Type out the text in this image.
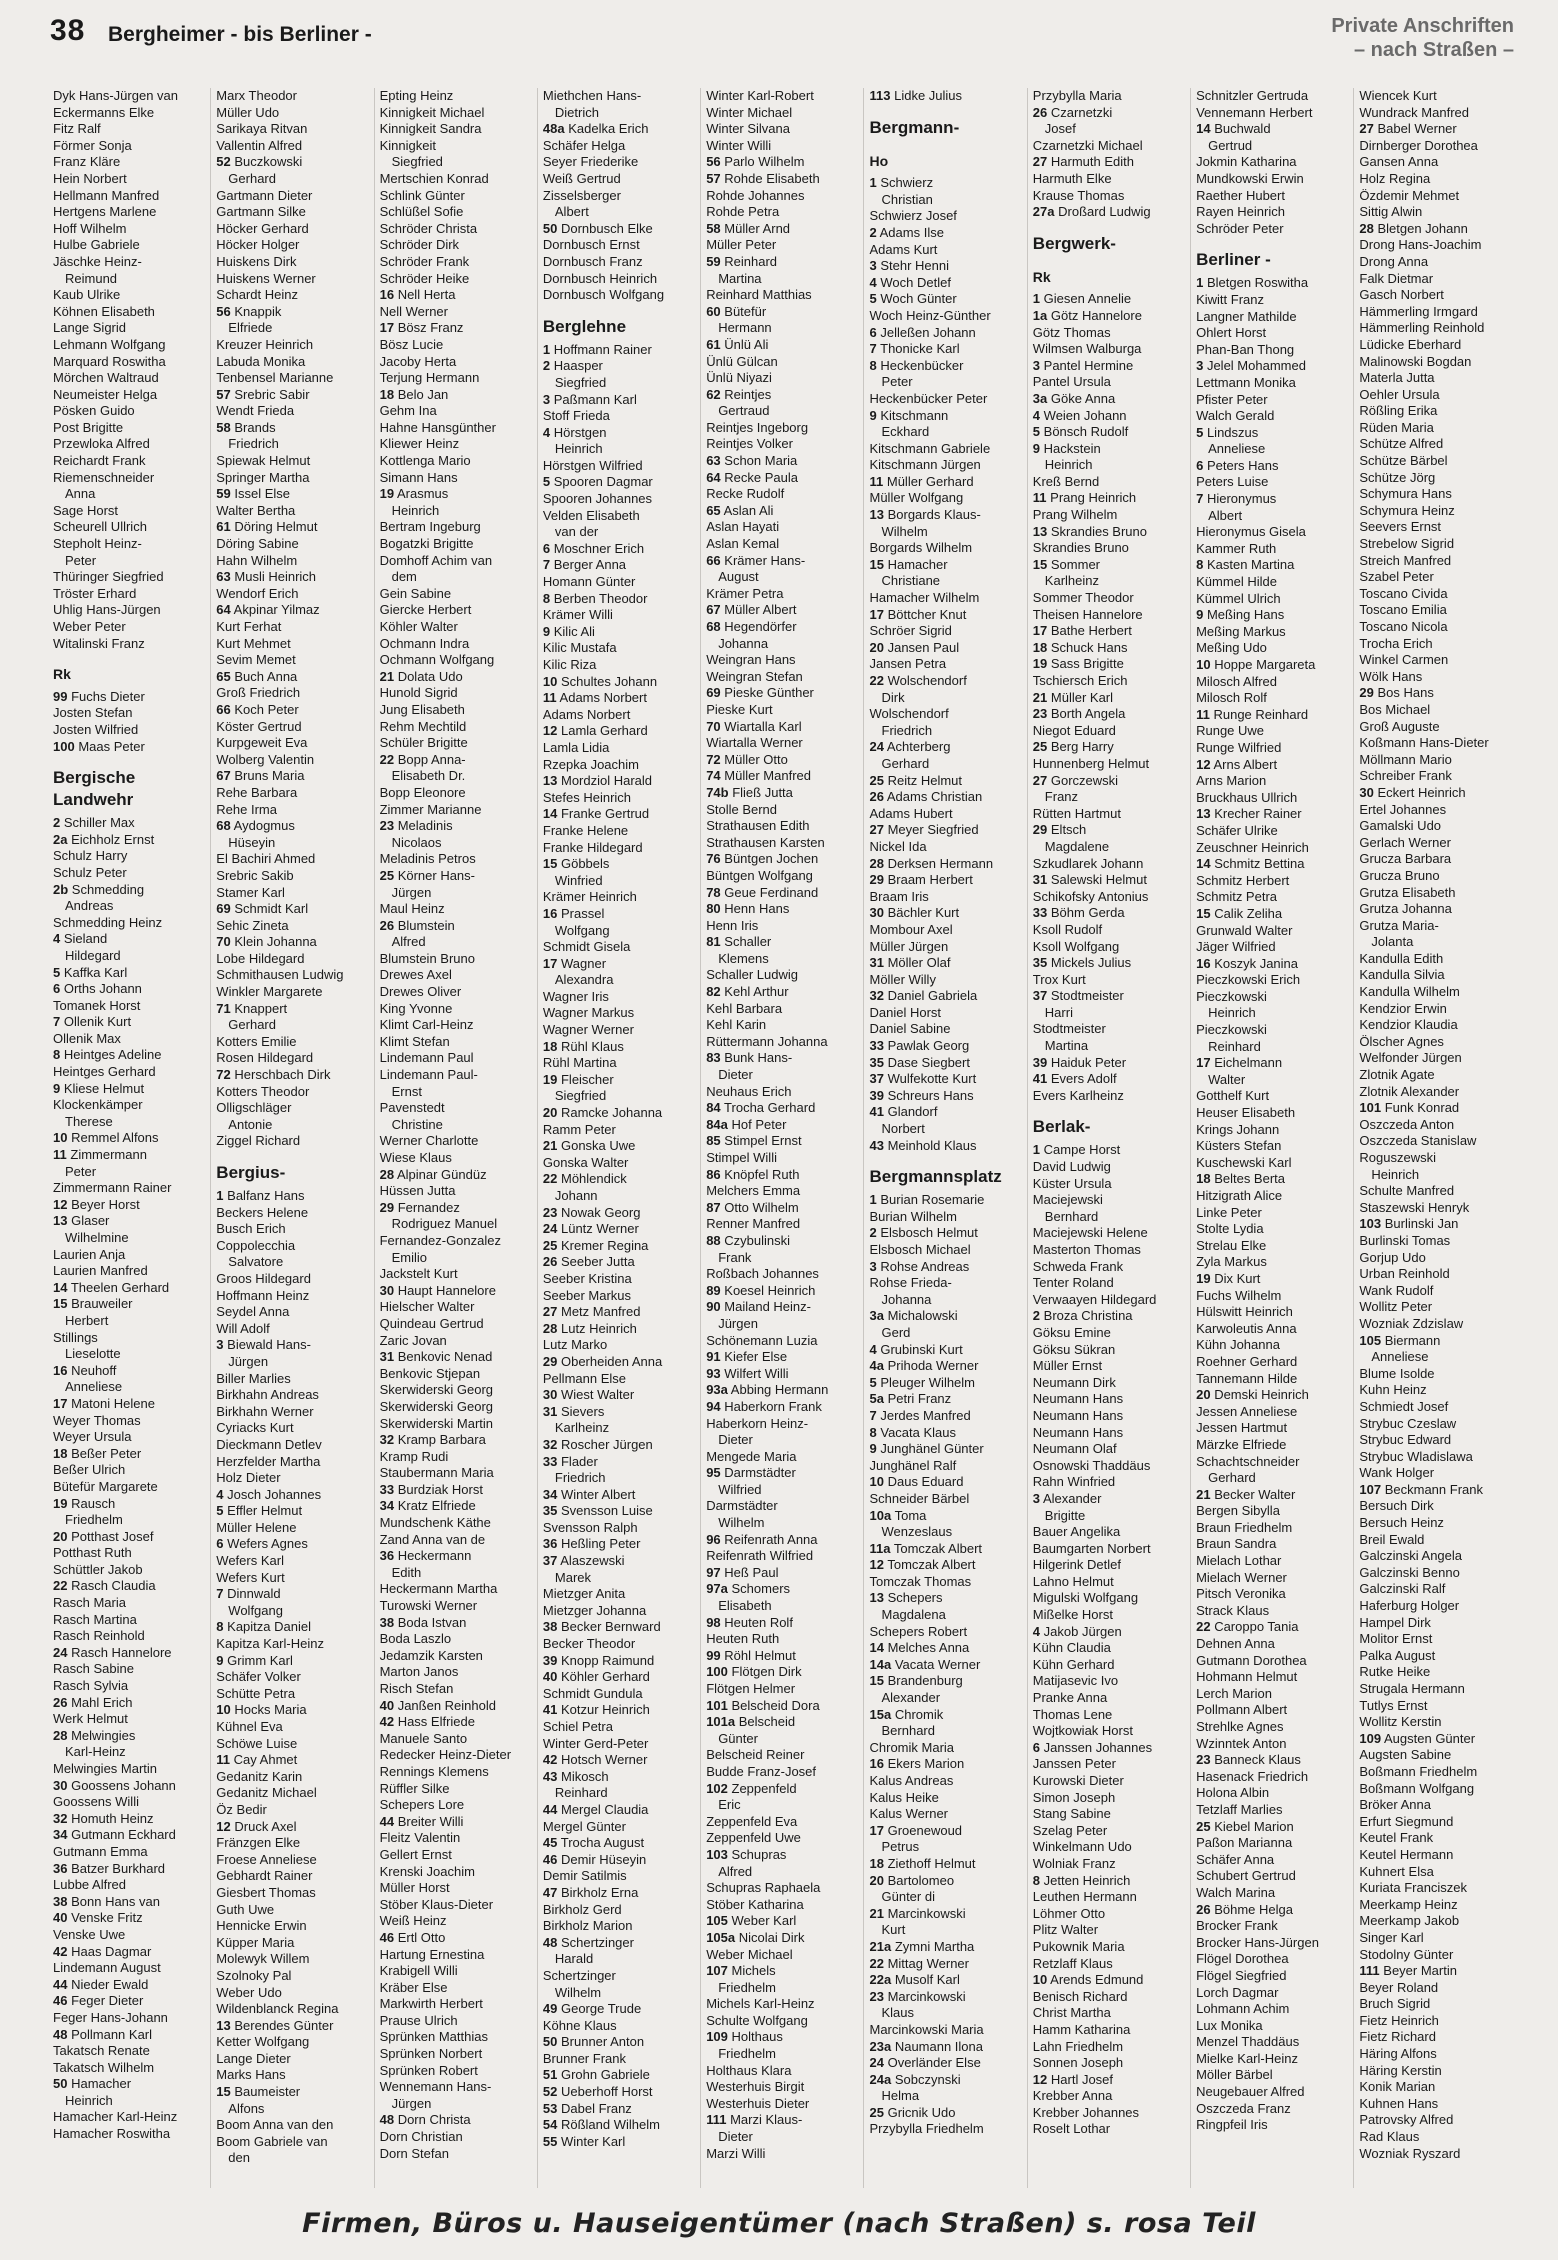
38 Bergheimer - bis Berliner -	Private Anschriften
– nach Straßen –
Dyk Hans-Jürgen van
Eckermanns Elke
Fitz Ralf
Förmer Sonja
Franz Kläre
Hein Norbert
Hellmann Manfred
Hertgens Marlene
Hoff Wilhelm
Hulbe Gabriele
Jäschke Heinz-
Reimund
Kaub Ulrike
Köhnen Elisabeth
Lange Sigrid
Lehmann Wolfgang
Marquard Roswitha
Mörchen Waltraud
Neumeister Helga
Pösken Guido
Post Brigitte
Przewloka Alfred
Reichardt Frank
Riemenschneider
Anna
Sage Horst
Scheurell Ullrich
Stepholt Heinz-
Peter
Thüringer Siegfried
Tröster Erhard
Uhlig Hans-Jürgen
Weber Peter
Witalinski Franz
Rk
99 Fuchs Dieter
Josten Stefan
Josten Wilfried
100 Maas Peter
Bergische Landwehr
2 Schiller Max
2a Eichholz Ernst
Schulz Harry
Schulz Peter
2b Schmedding
Andreas
Schmedding Heinz
4 Sieland
Hildegard
5 Kaffka Karl
6 Orths Johann
Tomanek Horst
7 Ollenik Kurt
Ollenik Max
8 Heintges Adeline
Heintges Gerhard
9 Kliese Helmut
Klockenkämper
Therese
10 Remmel Alfons
11 Zimmermann
Peter
Zimmermann Rainer
12 Beyer Horst
13 Glaser
Wilhelmine
Laurien Anja
Laurien Manfred
14 Theelen Gerhard
15 Brauweiler
Herbert
Stillings
Lieselotte
16 Neuhoff
Anneliese
17 Matoni Helene
Weyer Thomas
Weyer Ursula
18 Beßer Peter
Beßer Ulrich
Bütefür Margarete
19 Rausch
Friedhelm
20 Potthast Josef
Potthast Ruth
Schüttler Jakob
22 Rasch Claudia
Rasch Maria
Rasch Martina
Rasch Reinhold
24 Rasch Hannelore
Rasch Sabine
Rasch Sylvia
26 Mahl Erich
Werk Helmut
28 Melwingies
Karl-Heinz
Melwingies Martin
30 Goossens Johann
Goossens Willi
32 Homuth Heinz
34 Gutmann Eckhard
Gutmann Emma
36 Batzer Burkhard
Lubbe Alfred
38 Bonn Hans van
40 Venske Fritz
Venske Uwe
42 Haas Dagmar
Lindemann August
44 Nieder Ewald
46 Feger Dieter
Feger Hans-Johann
48 Pollmann Karl
Takatsch Renate
Takatsch Wilhelm
50 Hamacher
Heinrich
Hamacher Karl-Heinz
Hamacher Roswitha
Marx Theodor
Müller Udo
Sarikaya Ritvan
Vallentin Alfred
52 Buczkowski
Gerhard
Gartmann Dieter
Gartmann Silke
Höcker Gerhard
Höcker Holger
Huiskens Dirk
Huiskens Werner
Schardt Heinz
56 Knappik
Elfriede
Kreuzer Heinrich
Labuda Monika
Tenbensel Marianne
57 Srebric Sabir
Wendt Frieda
58 Brands
Friedrich
Spiewak Helmut
Springer Martha
59 Issel Else
Walter Bertha
61 Döring Helmut
Döring Sabine
Hahn Wilhelm
63 Musli Heinrich
Wendorf Erich
64 Akpinar Yilmaz
Kurt Ferhat
Kurt Mehmet
Sevim Memet
65 Buch Anna
Groß Friedrich
66 Koch Peter
Köster Gertrud
Kurpgeweit Eva
Wolberg Valentin
67 Bruns Maria
Rehe Barbara
Rehe Irma
68 Aydogmus
Hüseyin
El Bachiri Ahmed
Srebric Sakib
Stamer Karl
69 Schmidt Karl
Sehic Zineta
70 Klein Johanna
Lobe Hildegard
Schmithausen Ludwig
Winkler Margarete
71 Knappert
Gerhard
Kotters Emilie
Rosen Hildegard
72 Herschbach Dirk
Kotters Theodor
Olligschläger
Antonie
Ziggel Richard
Bergius-
1 Balfanz Hans
Beckers Helene
Busch Erich
Coppolecchia
Salvatore
Groos Hildegard
Hoffmann Heinz
Seydel Anna
Will Adolf
3 Biewald Hans-
Jürgen
Biller Marlies
Birkhahn Andreas
Birkhahn Werner
Cyriacks Kurt
Dieckmann Detlev
Herzfelder Martha
Holz Dieter
4 Josch Johannes
5 Effler Helmut
Müller Helene
6 Wefers Agnes
Wefers Karl
Wefers Kurt
7 Dinnwald
Wolfgang
8 Kapitza Daniel
Kapitza Karl-Heinz
9 Grimm Karl
Schäfer Volker
Schütte Petra
10 Hocks Maria
Kühnel Eva
Schöwe Luise
11 Cay Ahmet
Gedanitz Karin
Gedanitz Michael
Öz Bedir
12 Druck Axel
Fränzgen Elke
Froese Anneliese
Gebhardt Rainer
Giesbert Thomas
Guth Uwe
Hennicke Erwin
Küpper Maria
Molewyk Willem
Szolnoky Pal
Weber Udo
Wildenblanck Regina
13 Berendes Günter
Ketter Wolfgang
Lange Dieter
Marks Hans
15 Baumeister
Alfons
Boom Anna van den
Boom Gabriele van
den
Epting Heinz
Kinnigkeit Michael
Kinnigkeit Sandra
Kinnigkeit
Siegfried
Mertschien Konrad
Schlink Günter
Schlüßel Sofie
Schröder Christa
Schröder Dirk
Schröder Frank
Schröder Heike
16 Nell Herta
Nell Werner
17 Bösz Franz
Bösz Lucie
Jacoby Herta
Terjung Hermann
18 Belo Jan
Gehm Ina
Hahne Hansgünther
Kliewer Heinz
Kottlenga Mario
Simann Hans
19 Arasmus
Heinrich
Bertram Ingeburg
Bogatzki Brigitte
Domhoff Achim van
dem
Gein Sabine
Giercke Herbert
Köhler Walter
Ochmann Indra
Ochmann Wolfgang
21 Dolata Udo
Hunold Sigrid
Jung Elisabeth
Rehm Mechtild
Schüler Brigitte
22 Bopp Anna-
Elisabeth Dr.
Bopp Eleonore
Zimmer Marianne
23 Meladinis
Nicolaos
Meladinis Petros
25 Körner Hans-
Jürgen
Maul Heinz
26 Blumstein
Alfred
Blumstein Bruno
Drewes Axel
Drewes Oliver
King Yvonne
Klimt Carl-Heinz
Klimt Stefan
Lindemann Paul
Lindemann Paul-
Ernst
Pavenstedt
Christine
Werner Charlotte
Wiese Klaus
28 Alpinar Gündüz
Hüssen Jutta
29 Fernandez
Rodriguez Manuel
Fernandez-Gonzalez
Emilio
Jackstelt Kurt
30 Haupt Hannelore
Hielscher Walter
Quindeau Gertrud
Zaric Jovan
31 Benkovic Nenad
Benkovic Stjepan
Skerwiderski Georg
Skerwiderski Georg
Skerwiderski Martin
32 Kramp Barbara
Kramp Rudi
Staubermann Maria
33 Burdziak Horst
34 Kratz Elfriede
Mundschenk Käthe
Zand Anna van de
36 Heckermann
Edith
Heckermann Martha
Turowski Werner
38 Boda Istvan
Boda Laszlo
Jedamzik Karsten
Marton Janos
Risch Stefan
40 Janßen Reinhold
42 Hass Elfriede
Manuele Santo
Redecker Heinz-Dieter
Rennings Klemens
Rüffler Silke
Schepers Lore
44 Breiter Willi
Fleitz Valentin
Gellert Ernst
Krenski Joachim
Müller Horst
Stöber Klaus-Dieter
Weiß Heinz
46 Ertl Otto
Hartung Ernestina
Krabigell Willi
Kräber Else
Markwirth Herbert
Prause Ulrich
Sprünken Matthias
Sprünken Norbert
Sprünken Robert
Wennemann Hans-
Jürgen
48 Dorn Christa
Dorn Christian
Dorn Stefan
Miethchen Hans-
Dietrich
48a Kadelka Erich
Schäfer Helga
Seyer Friederike
Weiß Gertrud
Zisselsberger
Albert
50 Dornbusch Elke
Dornbusch Ernst
Dornbusch Franz
Dornbusch Heinrich
Dornbusch Wolfgang
Berglehne
1 Hoffmann Rainer
2 Haasper
Siegfried
3 Paßmann Karl
Stoff Frieda
4 Hörstgen
Heinrich
Hörstgen Wilfried
5 Spooren Dagmar
Spooren Johannes
Velden Elisabeth
van der
6 Moschner Erich
7 Berger Anna
Homann Günter
8 Berben Theodor
Krämer Willi
9 Kilic Ali
Kilic Mustafa
Kilic Riza
10 Schultes Johann
11 Adams Norbert
Adams Norbert
12 Lamla Gerhard
Lamla Lidia
Rzepka Joachim
13 Mordziol Harald
Stefes Heinrich
14 Franke Gertrud
Franke Helene
Franke Hildegard
15 Göbbels
Winfried
Krämer Heinrich
16 Prassel
Wolfgang
Schmidt Gisela
17 Wagner
Alexandra
Wagner Iris
Wagner Markus
Wagner Werner
18 Rühl Klaus
Rühl Martina
19 Fleischer
Siegfried
20 Ramcke Johanna
Ramm Peter
21 Gonska Uwe
Gonska Walter
22 Möhlendick
Johann
23 Nowak Georg
24 Lüntz Werner
25 Kremer Regina
26 Seeber Jutta
Seeber Kristina
Seeber Markus
27 Metz Manfred
28 Lutz Heinrich
Lutz Marko
29 Oberheiden Anna
Pellmann Else
30 Wiest Walter
31 Sievers
Karlheinz
32 Roscher Jürgen
33 Flader
Friedrich
34 Winter Albert
35 Svensson Luise
Svensson Ralph
36 Heßling Peter
37 Alaszewski
Marek
Mietzger Anita
Mietzger Johanna
38 Becker Bernward
Becker Theodor
39 Knopp Raimund
40 Köhler Gerhard
Schmidt Gundula
41 Kotzur Heinrich
Schiel Petra
Winter Gerd-Peter
42 Hotsch Werner
43 Mikosch
Reinhard
44 Mergel Claudia
Mergel Günter
45 Trocha August
46 Demir Hüseyin
Demir Satilmis
47 Birkholz Erna
Birkholz Gerd
Birkholz Marion
48 Schertzinger
Harald
Schertzinger
Wilhelm
49 George Trude
Köhne Klaus
50 Brunner Anton
Brunner Frank
51 Grohn Gabriele
52 Ueberhoff Horst
53 Dabel Franz
54 Rößland Wilhelm
55 Winter Karl
Winter Karl-Robert
Winter Michael
Winter Silvana
Winter Willi
56 Parlo Wilhelm
57 Rohde Elisabeth
Rohde Johannes
Rohde Petra
58 Müller Arnd
Müller Peter
59 Reinhard
Martina
Reinhard Matthias
60 Bütefür
Hermann
61 Ünlü Ali
Ünlü Gülcan
Ünlü Niyazi
62 Reintjes
Gertraud
Reintjes Ingeborg
Reintjes Volker
63 Schon Maria
64 Recke Paula
Recke Rudolf
65 Aslan Ali
Aslan Hayati
Aslan Kemal
66 Krämer Hans-
August
Krämer Petra
67 Müller Albert
68 Hegendörfer
Johanna
Weingran Hans
Weingran Stefan
69 Pieske Günther
Pieske Kurt
70 Wiartalla Karl
Wiartalla Werner
72 Müller Otto
74 Müller Manfred
74b Fließ Jutta
Stolle Bernd
Strathausen Edith
Strathausen Karsten
76 Büntgen Jochen
Büntgen Wolfgang
78 Geue Ferdinand
80 Henn Hans
Henn Iris
81 Schaller
Klemens
Schaller Ludwig
82 Kehl Arthur
Kehl Barbara
Kehl Karin
Rüttermann Johanna
83 Bunk Hans-
Dieter
Neuhaus Erich
84 Trocha Gerhard
84a Hof Peter
85 Stimpel Ernst
Stimpel Willi
86 Knöpfel Ruth
Melchers Emma
87 Otto Wilhelm
Renner Manfred
88 Czybulinski
Frank
Roßbach Johannes
89 Koesel Heinrich
90 Mailand Heinz-
Jürgen
Schönemann Luzia
91 Kiefer Else
93 Wilfert Willi
93a Abbing Hermann
94 Haberkorn Frank
Haberkorn Heinz-
Dieter
Mengede Maria
95 Darmstädter
Wilfried
Darmstädter
Wilhelm
96 Reifenrath Anna
Reifenrath Wilfried
97 Heß Paul
97a Schomers
Elisabeth
98 Heuten Rolf
Heuten Ruth
99 Röhl Helmut
100 Flötgen Dirk
Flötgen Helmer
101 Belscheid Dora
101a Belscheid
Günter
Belscheid Reiner
Budde Franz-Josef
102 Zeppenfeld
Eric
Zeppenfeld Eva
Zeppenfeld Uwe
103 Schupras
Alfred
Schupras Raphaela
Stöber Katharina
105 Weber Karl
105a Nicolai Dirk
Weber Michael
107 Michels
Friedhelm
Michels Karl-Heinz
Schulte Wolfgang
109 Holthaus
Friedhelm
Holthaus Klara
Westerhuis Birgit
Westerhuis Dieter
111 Marzi Klaus-
Dieter
Marzi Willi
113 Lidke Julius
Bergmann-
Ho
1 Schwierz
Christian
Schwierz Josef
2 Adams Ilse
Adams Kurt
3 Stehr Henni
4 Woch Detlef
5 Woch Günter
Woch Heinz-Günther
6 Jelleßen Johann
7 Thonicke Karl
8 Heckenbücker
Peter
Heckenbücker Peter
9 Kitschmann
Eckhard
Kitschmann Gabriele
Kitschmann Jürgen
11 Müller Gerhard
Müller Wolfgang
13 Borgards Klaus-
Wilhelm
Borgards Wilhelm
15 Hamacher
Christiane
Hamacher Wilhelm
17 Böttcher Knut
Schröer Sigrid
20 Jansen Paul
Jansen Petra
22 Wolschendorf
Dirk
Wolschendorf
Friedrich
24 Achterberg
Gerhard
25 Reitz Helmut
26 Adams Christian
Adams Hubert
27 Meyer Siegfried
Nickel Ida
28 Derksen Hermann
29 Braam Herbert
Braam Iris
30 Bächler Kurt
Mombour Axel
Müller Jürgen
31 Möller Olaf
Möller Willy
32 Daniel Gabriela
Daniel Horst
Daniel Sabine
33 Pawlak Georg
35 Dase Siegbert
37 Wulfekotte Kurt
39 Schreurs Hans
41 Glandorf
Norbert
43 Meinhold Klaus
Bergmannsplatz
1 Burian Rosemarie
Burian Wilhelm
2 Elsbosch Helmut
Elsbosch Michael
3 Rohse Andreas
Rohse Frieda-
Johanna
3a Michalowski
Gerd
4 Grubinski Kurt
4a Prihoda Werner
5 Pleuger Wilhelm
5a Petri Franz
7 Jerdes Manfred
8 Vacata Klaus
9 Junghänel Günter
Junghänel Ralf
10 Daus Eduard
Schneider Bärbel
10a Toma
Wenzeslaus
11a Tomczak Albert
12 Tomczak Albert
Tomczak Thomas
13 Schepers
Magdalena
Schepers Robert
14 Melches Anna
14a Vacata Werner
15 Brandenburg
Alexander
15a Chromik
Bernhard
Chromik Maria
16 Ekers Marion
Kalus Andreas
Kalus Heike
Kalus Werner
17 Groenewoud
Petrus
18 Ziethoff Helmut
20 Bartolomeo
Günter di
21 Marcinkowski
Kurt
21a Zymni Martha
22 Mittag Werner
22a Musolf Karl
23 Marcinkowski
Klaus
Marcinkowski Maria
23a Naumann Ilona
24 Overländer Else
24a Sobczynski
Helma
25 Gricnik Udo
Przybylla Friedhelm
Przybylla Maria
26 Czarnetzki
Josef
Czarnetzki Michael
27 Harmuth Edith
Harmuth Elke
Krause Thomas
27a Droßard Ludwig
Bergwerk-
Rk
1 Giesen Annelie
1a Götz Hannelore
Götz Thomas
Wilmsen Walburga
3 Pantel Hermine
Pantel Ursula
3a Göke Anna
4 Weien Johann
5 Bönsch Rudolf
9 Hackstein
Heinrich
Kreß Bernd
11 Prang Heinrich
Prang Wilhelm
13 Skrandies Bruno
Skrandies Bruno
15 Sommer
Karlheinz
Sommer Theodor
Theisen Hannelore
17 Bathe Herbert
18 Schuck Hans
19 Sass Brigitte
Tschiersch Erich
21 Müller Karl
23 Borth Angela
Niegot Eduard
25 Berg Harry
Hunnenberg Helmut
27 Gorczewski
Franz
Rütten Hartmut
29 Eltsch
Magdalene
Szkudlarek Johann
31 Salewski Helmut
Schikofsky Antonius
33 Böhm Gerda
Ksoll Rudolf
Ksoll Wolfgang
35 Mickels Julius
Trox Kurt
37 Stodtmeister
Harri
Stodtmeister
Martina
39 Haiduk Peter
41 Evers Adolf
Evers Karlheinz
Berlak-
1 Campe Horst
David Ludwig
Küster Ursula
Maciejewski
Bernhard
Maciejewski Helene
Masterton Thomas
Schweda Frank
Tenter Roland
Verwaayen Hildegard
2 Broza Christina
Göksu Emine
Göksu Sükran
Müller Ernst
Neumann Dirk
Neumann Hans
Neumann Hans
Neumann Hans
Neumann Olaf
Osnowski Thaddäus
Rahn Winfried
3 Alexander
Brigitte
Bauer Angelika
Baumgarten Norbert
Hilgerink Detlef
Lahno Helmut
Migulski Wolfgang
Mißelke Horst
4 Jakob Jürgen
Kühn Claudia
Kühn Gerhard
Matijasevic Ivo
Pranke Anna
Thomas Lene
Wojtkowiak Horst
6 Janssen Johannes
Janssen Peter
Kurowski Dieter
Simon Joseph
Stang Sabine
Szelag Peter
Winkelmann Udo
Wolniak Franz
8 Jetten Heinrich
Leuthen Hermann
Löhmer Otto
Plitz Walter
Pukownik Maria
Retzlaff Klaus
10 Arends Edmund
Benisch Richard
Christ Martha
Hamm Katharina
Lahn Friedhelm
Sonnen Joseph
12 Hartl Josef
Krebber Anna
Krebber Johannes
Roselt Lothar
Schnitzler Gertruda
Vennemann Herbert
14 Buchwald
Gertrud
Jokmin Katharina
Mundkowski Erwin
Raether Hubert
Rayen Heinrich
Schröder Peter
Berliner -
1 Bletgen Roswitha
Kiwitt Franz
Langner Mathilde
Ohlert Horst
Phan-Ban Thong
3 Jelel Mohammed
Lettmann Monika
Pfister Peter
Walch Gerald
5 Lindszus
Anneliese
6 Peters Hans
Peters Luise
7 Hieronymus
Albert
Hieronymus Gisela
Kammer Ruth
8 Kasten Martina
Kümmel Hilde
Kümmel Ulrich
9 Meßing Hans
Meßing Markus
Meßing Udo
10 Hoppe Margareta
Milosch Alfred
Milosch Rolf
11 Runge Reinhard
Runge Uwe
Runge Wilfried
12 Arns Albert
Arns Marion
Bruckhaus Ullrich
13 Krecher Rainer
Schäfer Ulrike
Zeuschner Heinrich
14 Schmitz Bettina
Schmitz Herbert
Schmitz Petra
15 Calik Zeliha
Grunwald Walter
Jäger Wilfried
16 Koszyk Janina
Pieczkowski Erich
Pieczkowski
Heinrich
Pieczkowski
Reinhard
17 Eichelmann
Walter
Gotthelf Kurt
Heuser Elisabeth
Krings Johann
Küsters Stefan
Kuschewski Karl
18 Beltes Berta
Hitzigrath Alice
Linke Peter
Stolte Lydia
Strelau Elke
Zyla Markus
19 Dix Kurt
Fuchs Wilhelm
Hülswitt Heinrich
Karwoleutis Anna
Kühn Johanna
Roehner Gerhard
Tannemann Hilde
20 Demski Heinrich
Jessen Anneliese
Jessen Hartmut
Märzke Elfriede
Schachtschneider
Gerhard
21 Becker Walter
Bergen Sibylla
Braun Friedhelm
Braun Sandra
Mielach Lothar
Mielach Werner
Pitsch Veronika
Strack Klaus
22 Caroppo Tania
Dehnen Anna
Gutmann Dorothea
Hohmann Helmut
Lerch Marion
Pollmann Albert
Strehlke Agnes
Wzinntek Anton
23 Banneck Klaus
Hasenack Friedrich
Holona Albin
Tetzlaff Marlies
25 Kiebel Marion
Paßon Marianna
Schäfer Anna
Schubert Gertrud
Walch Marina
26 Böhme Helga
Brocker Frank
Brocker Hans-Jürgen
Flögel Dorothea
Flögel Siegfried
Lorch Dagmar
Lohmann Achim
Lux Monika
Menzel Thaddäus
Mielke Karl-Heinz
Möller Bärbel
Neugebauer Alfred
Oszczeda Franz
Ringpfeil Iris
Wiencek Kurt
Wundrack Manfred
27 Babel Werner
Dirnberger Dorothea
Gansen Anna
Holz Regina
Özdemir Mehmet
Sittig Alwin
28 Bletgen Johann
Drong Hans-Joachim
Drong Anna
Falk Dietmar
Gasch Norbert
Hämmerling Irmgard
Hämmerling Reinhold
Lüdicke Eberhard
Malinowski Bogdan
Materla Jutta
Oehler Ursula
Rößling Erika
Rüden Maria
Schütze Alfred
Schütze Bärbel
Schütze Jörg
Schymura Hans
Schymura Heinz
Seevers Ernst
Strebelow Sigrid
Streich Manfred
Szabel Peter
Toscano Civida
Toscano Emilia
Toscano Nicola
Trocha Erich
Winkel Carmen
Wölk Hans
29 Bos Hans
Bos Michael
Groß Auguste
Koßmann Hans-Dieter
Möllmann Mario
Schreiber Frank
30 Eckert Heinrich
Ertel Johannes
Gamalski Udo
Gerlach Werner
Grucza Barbara
Grucza Bruno
Grutza Elisabeth
Grutza Johanna
Grutza Maria-
Jolanta
Kandulla Edith
Kandulla Silvia
Kandulla Wilhelm
Kendzior Erwin
Kendzior Klaudia
Ölscher Agnes
Welfonder Jürgen
Zlotnik Agate
Zlotnik Alexander
101 Funk Konrad
Oszczeda Anton
Oszczeda Stanislaw
Roguszewski
Heinrich
Schulte Manfred
Staszewski Henryk
103 Burlinski Jan
Burlinski Tomas
Gorjup Udo
Urban Reinhold
Wank Rudolf
Wollitz Peter
Wozniak Zdzislaw
105 Biermann
Anneliese
Blume Isolde
Kuhn Heinz
Schmiedt Josef
Strybuc Czeslaw
Strybuc Edward
Strybuc Wladislawa
Wank Holger
107 Beckmann Frank
Bersuch Dirk
Bersuch Heinz
Breil Ewald
Galczinski Angela
Galczinski Benno
Galczinski Ralf
Haferburg Holger
Hampel Dirk
Molitor Ernst
Palka August
Rutke Heike
Strugala Hermann
Tutlys Ernst
Wollitz Kerstin
109 Augsten Günter
Augsten Sabine
Boßmann Friedhelm
Boßmann Wolfgang
Bröker Anna
Erfurt Siegmund
Keutel Frank
Keutel Hermann
Kuhnert Elsa
Kuriata Franciszek
Meerkamp Heinz
Meerkamp Jakob
Singer Karl
Stodolny Günter
111 Beyer Martin
Beyer Roland
Bruch Sigrid
Fietz Heinrich
Fietz Richard
Häring Alfons
Häring Kerstin
Konik Marian
Kuhnen Hans
Patrovsky Alfred
Rad Klaus
Wozniak Ryszard
Firmen, Büros u. Hauseigentümer (nach Straßen) s. rosa Teil
